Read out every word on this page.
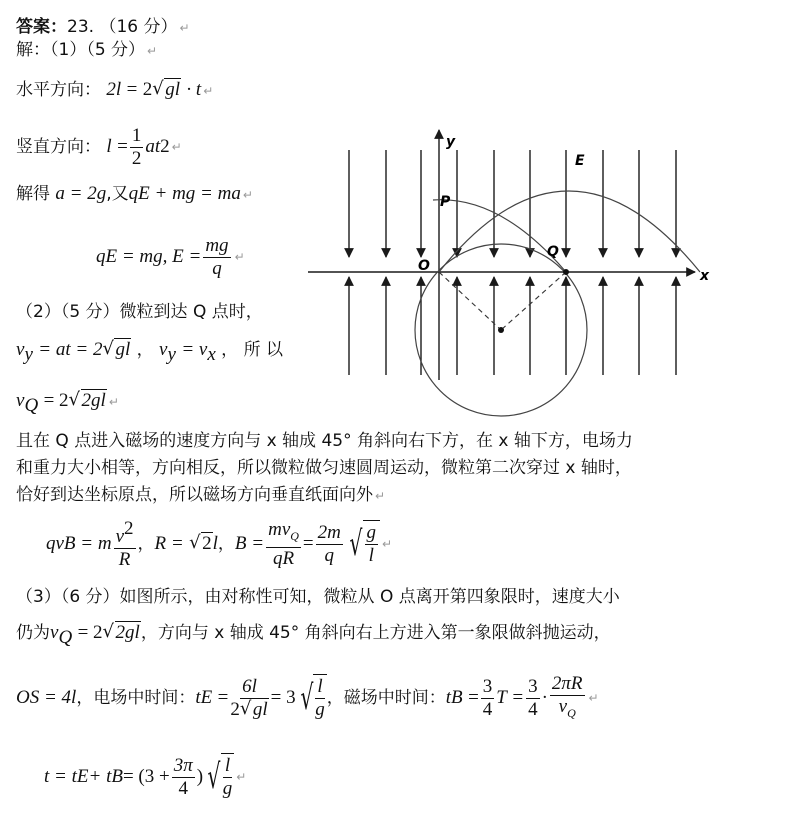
答案：23. （16 分） ↵
解：（1）（5 分） ↵
水平方向： 2l = 2 √ gl · t ↵
竖直方向：
l
= $\frac{1}{2}$ at 2 ↵
解得 a = 2g,又qE + mg = ma ↵
qE = mg, $E = \frac{mg}{q}$ ↵
（2）（5 分）微粒到达 Q 点时，
$v_y$ = at = 2 √ gl ， $v_y = v_x$ ， 所 以
$v_Q = 2$ √ 2gl ↵
且在 Q 点进入磁场的速度方向与 x 轴成 45° 角斜向右下方，在 x 轴下方，电场力
和重力大小相等，方向相反，所以微粒做匀速圆周运动，微粒第二次穿过 x 轴时，
恰好到达坐标原点，所以磁场方向垂直纸面向外 ↵
qvB = m $\frac{v^2}{R}$ ， R =
√ 2 l ， $B = \frac{mv_Q}{qR} = \frac{2m}{q}$ √ $\frac{g}{l}$ ↵
（3）（6 分）如图所示，由对称性可知，微粒从 O 点离开第四象限时，速度大小
仍为$v_Q = 2$ √ 2gl，方向与 x 轴成 45° 角斜向右上方进入第一象限做斜抛运动，
OS = 4l ，电场中时间： t E
= $\frac{6l}{2 √ gl} = 3$ √ $\frac{l}{g}$ ，磁场中时间： t B
= $\frac{3}{4}$ $T = \frac{3}{4} \cdot \frac{2\pi R}{v_Q}$ ↵
t = t E + t $B = (3 + \frac{3\pi}{4}$ ) √ $\frac{l}{g}$ ↵
y
x
E
O
P
Q
